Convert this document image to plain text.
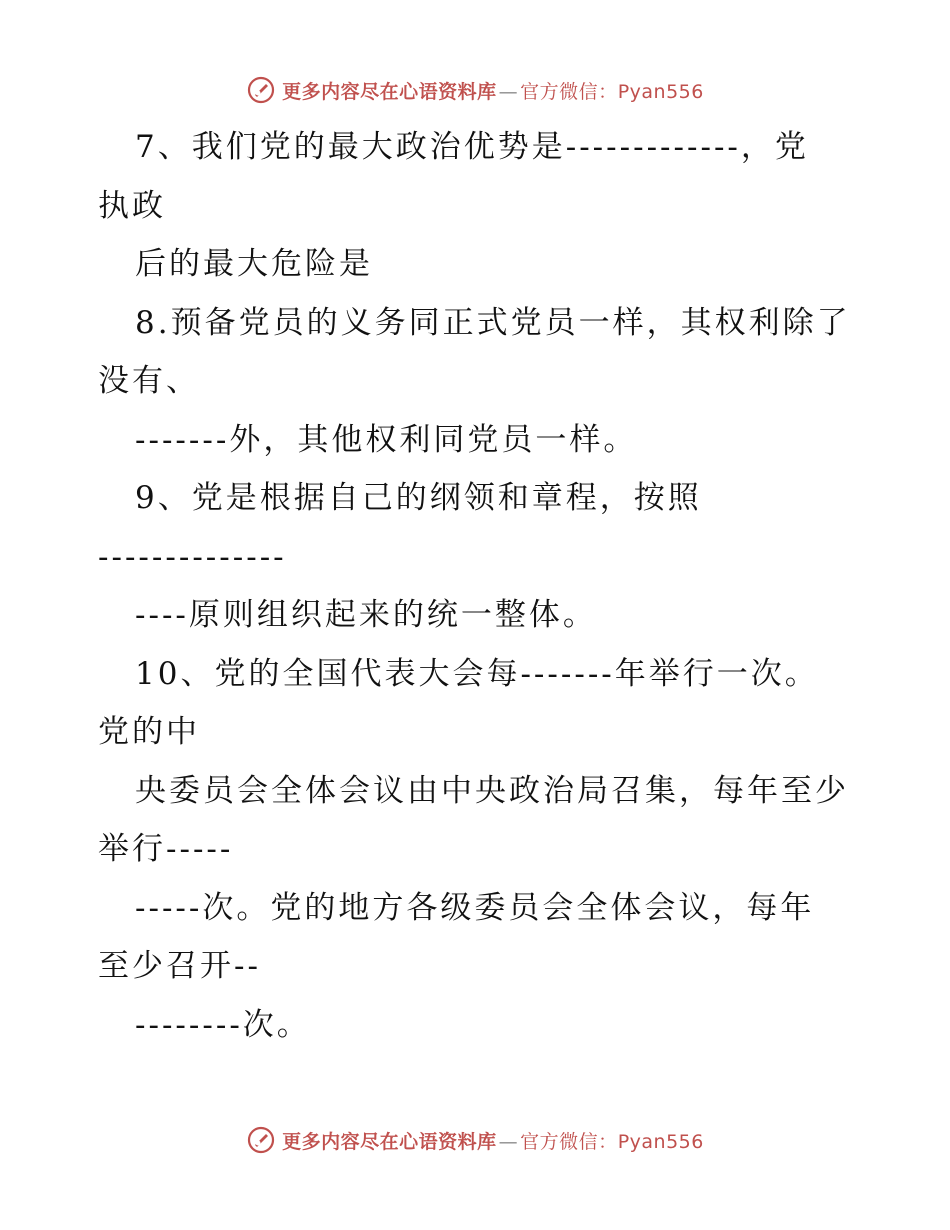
更多内容尽在心语资料库 — 官方微信：Pyan556
7、我们党的最大政治优势是-------------，党
执政
后的最大危险是
8.预备党员的义务同正式党员一样，其权利除了
没有、
-------外，其他权利同党员一样。
9、党是根据自己的纲领和章程，按照
--------------
----原则组织起来的统一整体。
10、党的全国代表大会每-------年举行一次。
党的中
央委员会全体会议由中央政治局召集，每年至少
举行-----
-----次。党的地方各级委员会全体会议，每年
至少召开--
--------次。
更多内容尽在心语资料库 — 官方微信：Pyan556
